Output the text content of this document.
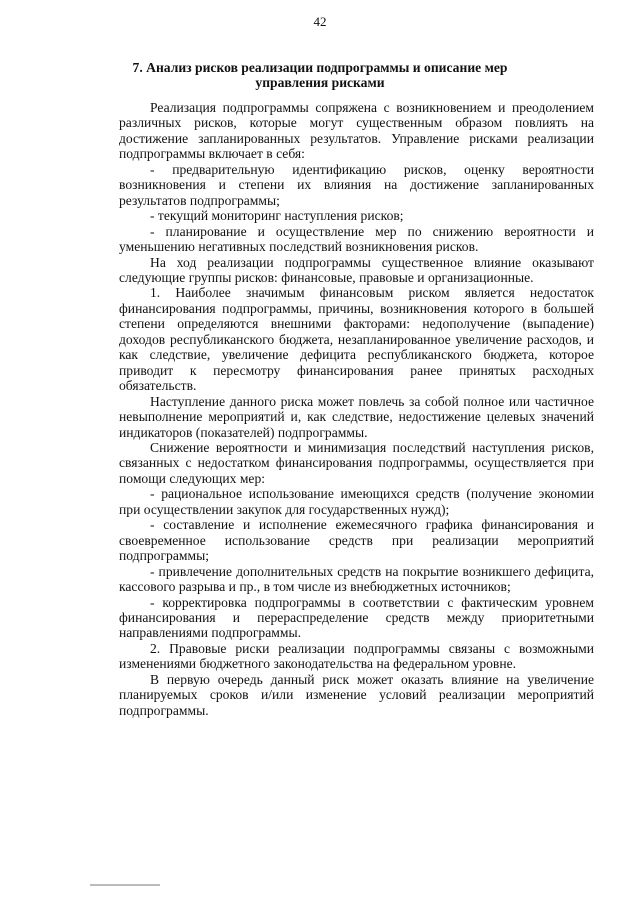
42
7. Анализ рисков реализации подпрограммы и описание мер управления рисками

Реализация подпрограммы сопряжена с возникновением и преодолением различных рисков, которые могут существенным образом повлиять на достижение запланированных результатов. Управление рисками реализации подпрограммы включает в себя:

- предварительную идентификацию рисков, оценку вероятности возникновения и степени их влияния на достижение запланированных результатов подпрограммы;

- текущий мониторинг наступления рисков;

- планирование и осуществление мер по снижению вероятности и уменьшению негативных последствий возникновения рисков.

На ход реализации подпрограммы существенное влияние оказывают следующие группы рисков: финансовые, правовые и организационные.

1. Наиболее значимым финансовым риском является недостаток финансирования подпрограммы, причины, возникновения которого в большей степени определяются внешними факторами: недополучение (выпадение) доходов республиканского бюджета, незапланированное увеличение расходов, и как следствие, увеличение дефицита республиканского бюджета, которое приводит к пересмотру финансирования ранее принятых расходных обязательств.

Наступление данного риска может повлечь за собой полное или частичное невыполнение мероприятий и, как следствие, недостижение целевых значений индикаторов (показателей) подпрограммы.

Снижение вероятности и минимизация последствий наступления рисков, связанных с недостатком финансирования подпрограммы, осуществляется при помощи следующих мер:

- рациональное использование имеющихся средств (получение экономии при осуществлении закупок для государственных нужд);

- составление и исполнение ежемесячного графика финансирования и своевременное использование средств при реализации мероприятий подпрограммы;

- привлечение дополнительных средств на покрытие возникшего дефицита, кассового разрыва и пр., в том числе из внебюджетных источников;

- корректировка подпрограммы в соответствии с фактическим уровнем финансирования и перераспределение средств между приоритетными направлениями подпрограммы.

2. Правовые риски реализации подпрограммы связаны с возможными изменениями бюджетного законодательства на федеральном уровне.

В первую очередь данный риск может оказать влияние на увеличение планируемых сроков и/или изменение условий реализации мероприятий подпрограммы.
